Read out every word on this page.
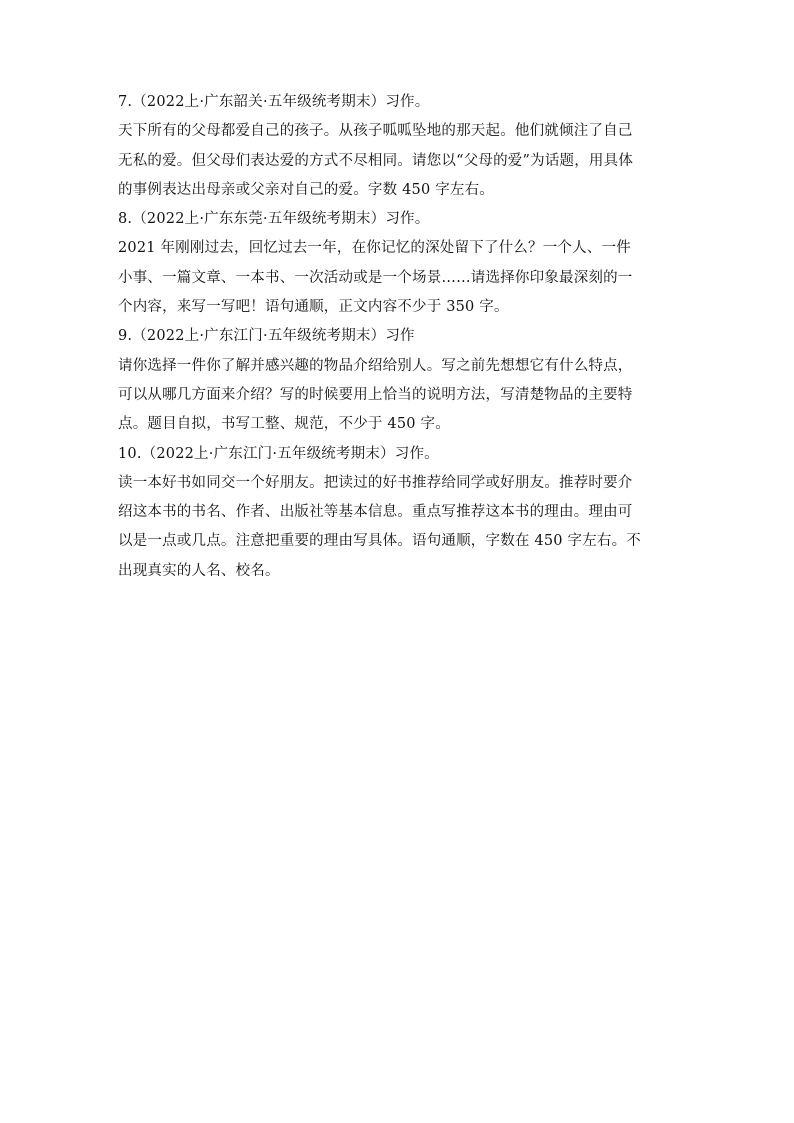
7.（2022上·广东韶关·五年级统考期末）习作。
天下所有的父母都爱自己的孩子。从孩子呱呱坠地的那天起。他们就倾注了自己
无私的爱。但父母们表达爱的方式不尽相同。请您以“父母的爱”为话题，用具体
的事例表达出母亲或父亲对自己的爱。字数 450 字左右。
8.（2022上·广东东莞·五年级统考期末）习作。
2021 年刚刚过去，回忆过去一年，在你记忆的深处留下了什么？一个人、一件
小事、一篇文章、一本书、一次活动或是一个场景……请选择你印象最深刻的一
个内容，来写一写吧！语句通顺，正文内容不少于 350 字。
9.（2022上·广东江门·五年级统考期末）习作
请你选择一件你了解并感兴趣的物品介绍给别人。写之前先想想它有什么特点，
可以从哪几方面来介绍？写的时候要用上恰当的说明方法，写清楚物品的主要特
点。题目自拟，书写工整、规范，不少于 450 字。
10.（2022上·广东江门·五年级统考期末）习作。
读一本好书如同交一个好朋友。把读过的好书推荐给同学或好朋友。推荐时要介
绍这本书的书名、作者、出版社等基本信息。重点写推荐这本书的理由。理由可
以是一点或几点。注意把重要的理由写具体。语句通顺，字数在 450 字左右。不
出现真实的人名、校名。
